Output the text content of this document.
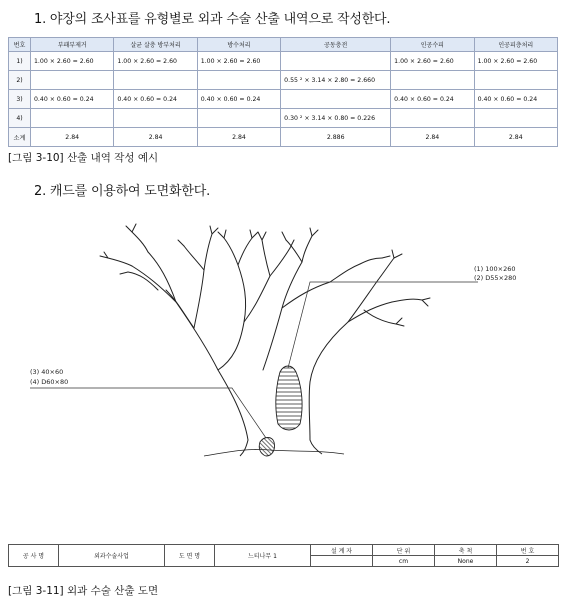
1. 야장의 조사표를 유형별로 외과 수술 산출 내역으로 작성한다.
번호	부패부제거	살균 살충 방부처리	방수처리	공동충전	인공수피	인공피층처리
1)	1.00 × 2.60 = 2.60	1.00 × 2.60 = 2.60	1.00 × 2.60 = 2.60		1.00 × 2.60 = 2.60	1.00 × 2.60 = 2.60
2)				0.55 ² × 3.14 × 2.80 = 2.660		
3)	0.40 × 0.60 = 0.24	0.40 × 0.60 = 0.24	0.40 × 0.60 = 0.24		0.40 × 0.60 = 0.24	0.40 × 0.60 = 0.24
4)				0.30 ² × 3.14 × 0.80 = 0.226		
소계	2.84	2.84	2.84	2.886	2.84	2.84
[그림 3-10] 산출 내역 작성 예시
2. 캐드를 이용하여 도면화한다.
(1) 100×260
(2) D55×280
(3) 40×60
(4) D60×80
공 사 명	외과수술사업	도 면 명	느티나무 1	설 계 자	단 위	축 척	번 호
					cm	None	2
[그림 3-11] 외과 수술 산출 도면
